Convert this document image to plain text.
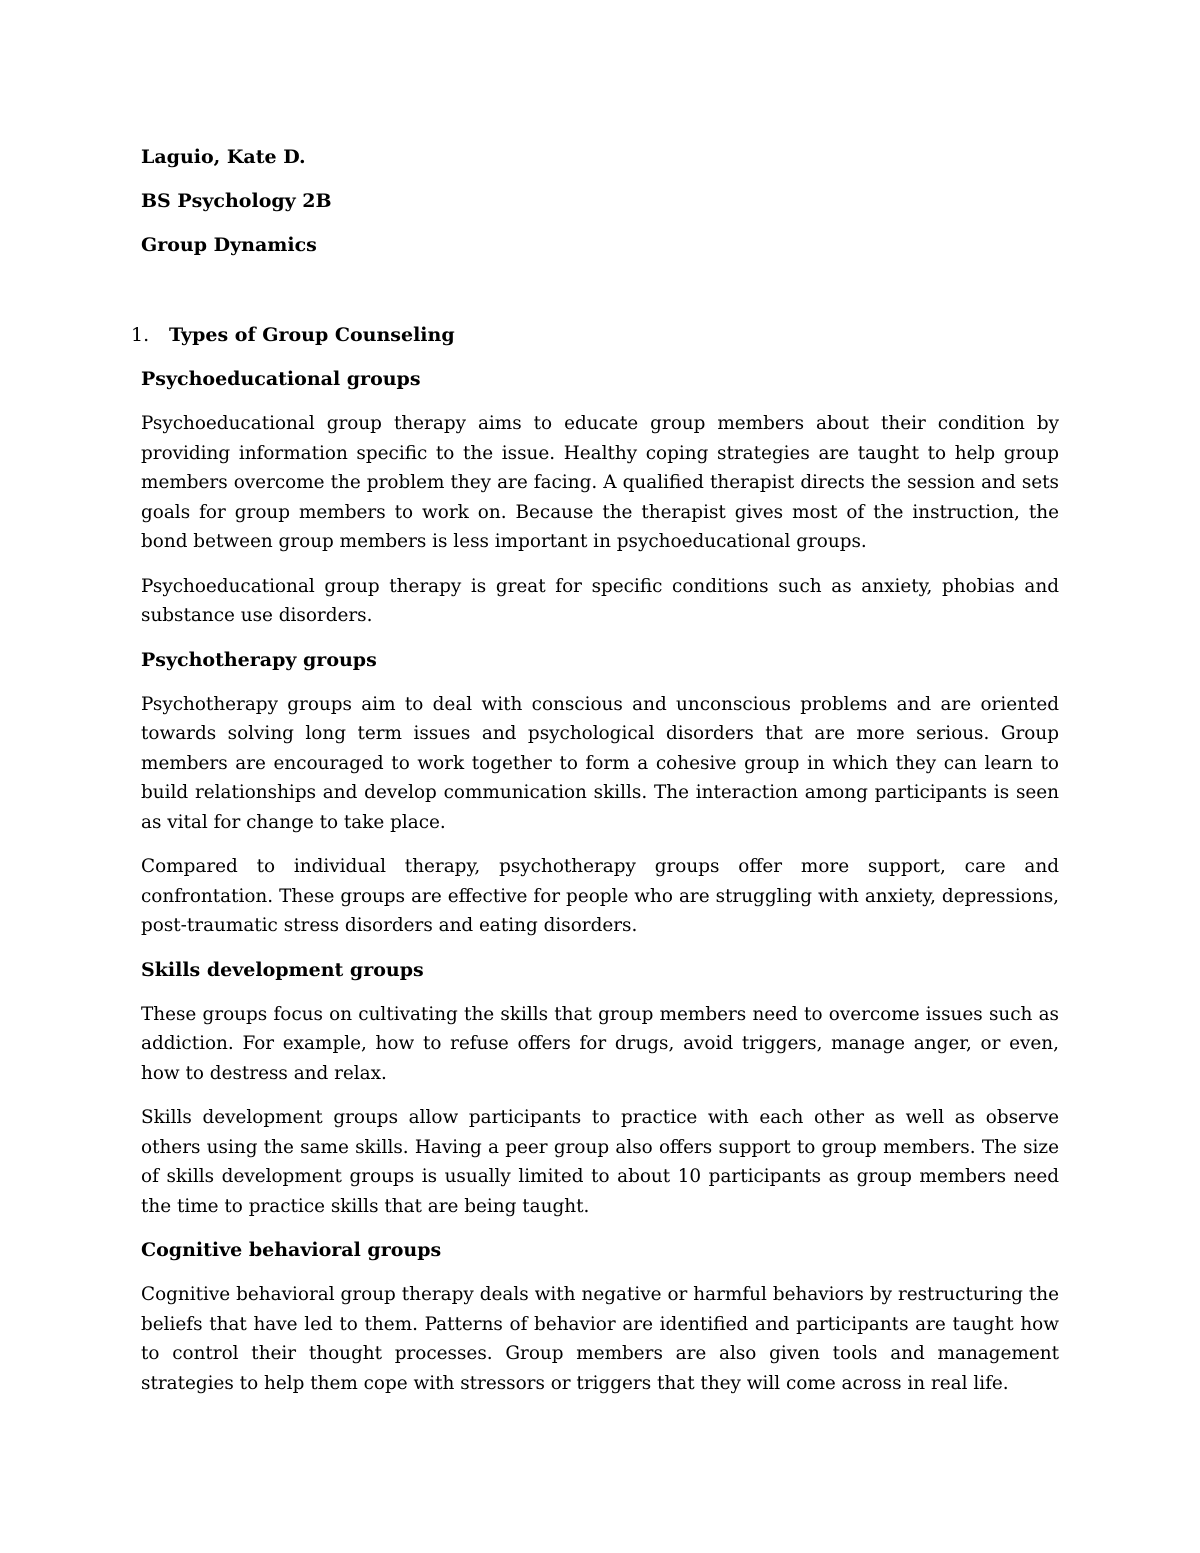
Laguio, Kate D.
BS Psychology 2B
Group Dynamics
1.	Types of Group Counseling
Psychoeducational groups

Psychoeducational group therapy aims to educate group members about their condition by providing information specific to the issue. Healthy coping strategies are taught to help group members overcome the problem they are facing. A qualified therapist directs the session and sets goals for group members to work on. Because the therapist gives most of the instruction, the bond between group members is less important in psychoeducational groups.

Psychoeducational group therapy is great for specific conditions such as anxiety, phobias and substance use disorders.

Psychotherapy groups

Psychotherapy groups aim to deal with conscious and unconscious problems and are oriented towards solving long term issues and psychological disorders that are more serious. Group members are encouraged to work together to form a cohesive group in which they can learn to build relationships and develop communication skills. The interaction among participants is seen as vital for change to take place.

Compared to individual therapy, psychotherapy groups offer more support, care and confrontation. These groups are effective for people who are struggling with anxiety, depressions, post-traumatic stress disorders and eating disorders.

Skills development groups

These groups focus on cultivating the skills that group members need to overcome issues such as addiction. For example, how to refuse offers for drugs, avoid triggers, manage anger, or even, how to destress and relax.

Skills development groups allow participants to practice with each other as well as observe others using the same skills. Having a peer group also offers support to group members. The size of skills development groups is usually limited to about 10 participants as group members need the time to practice skills that are being taught.

Cognitive behavioral groups

Cognitive behavioral group therapy deals with negative or harmful behaviors by restructuring the beliefs that have led to them. Patterns of behavior are identified and participants are taught how to control their thought processes. Group members are also given tools and management strategies to help them cope with stressors or triggers that they will come across in real life.
